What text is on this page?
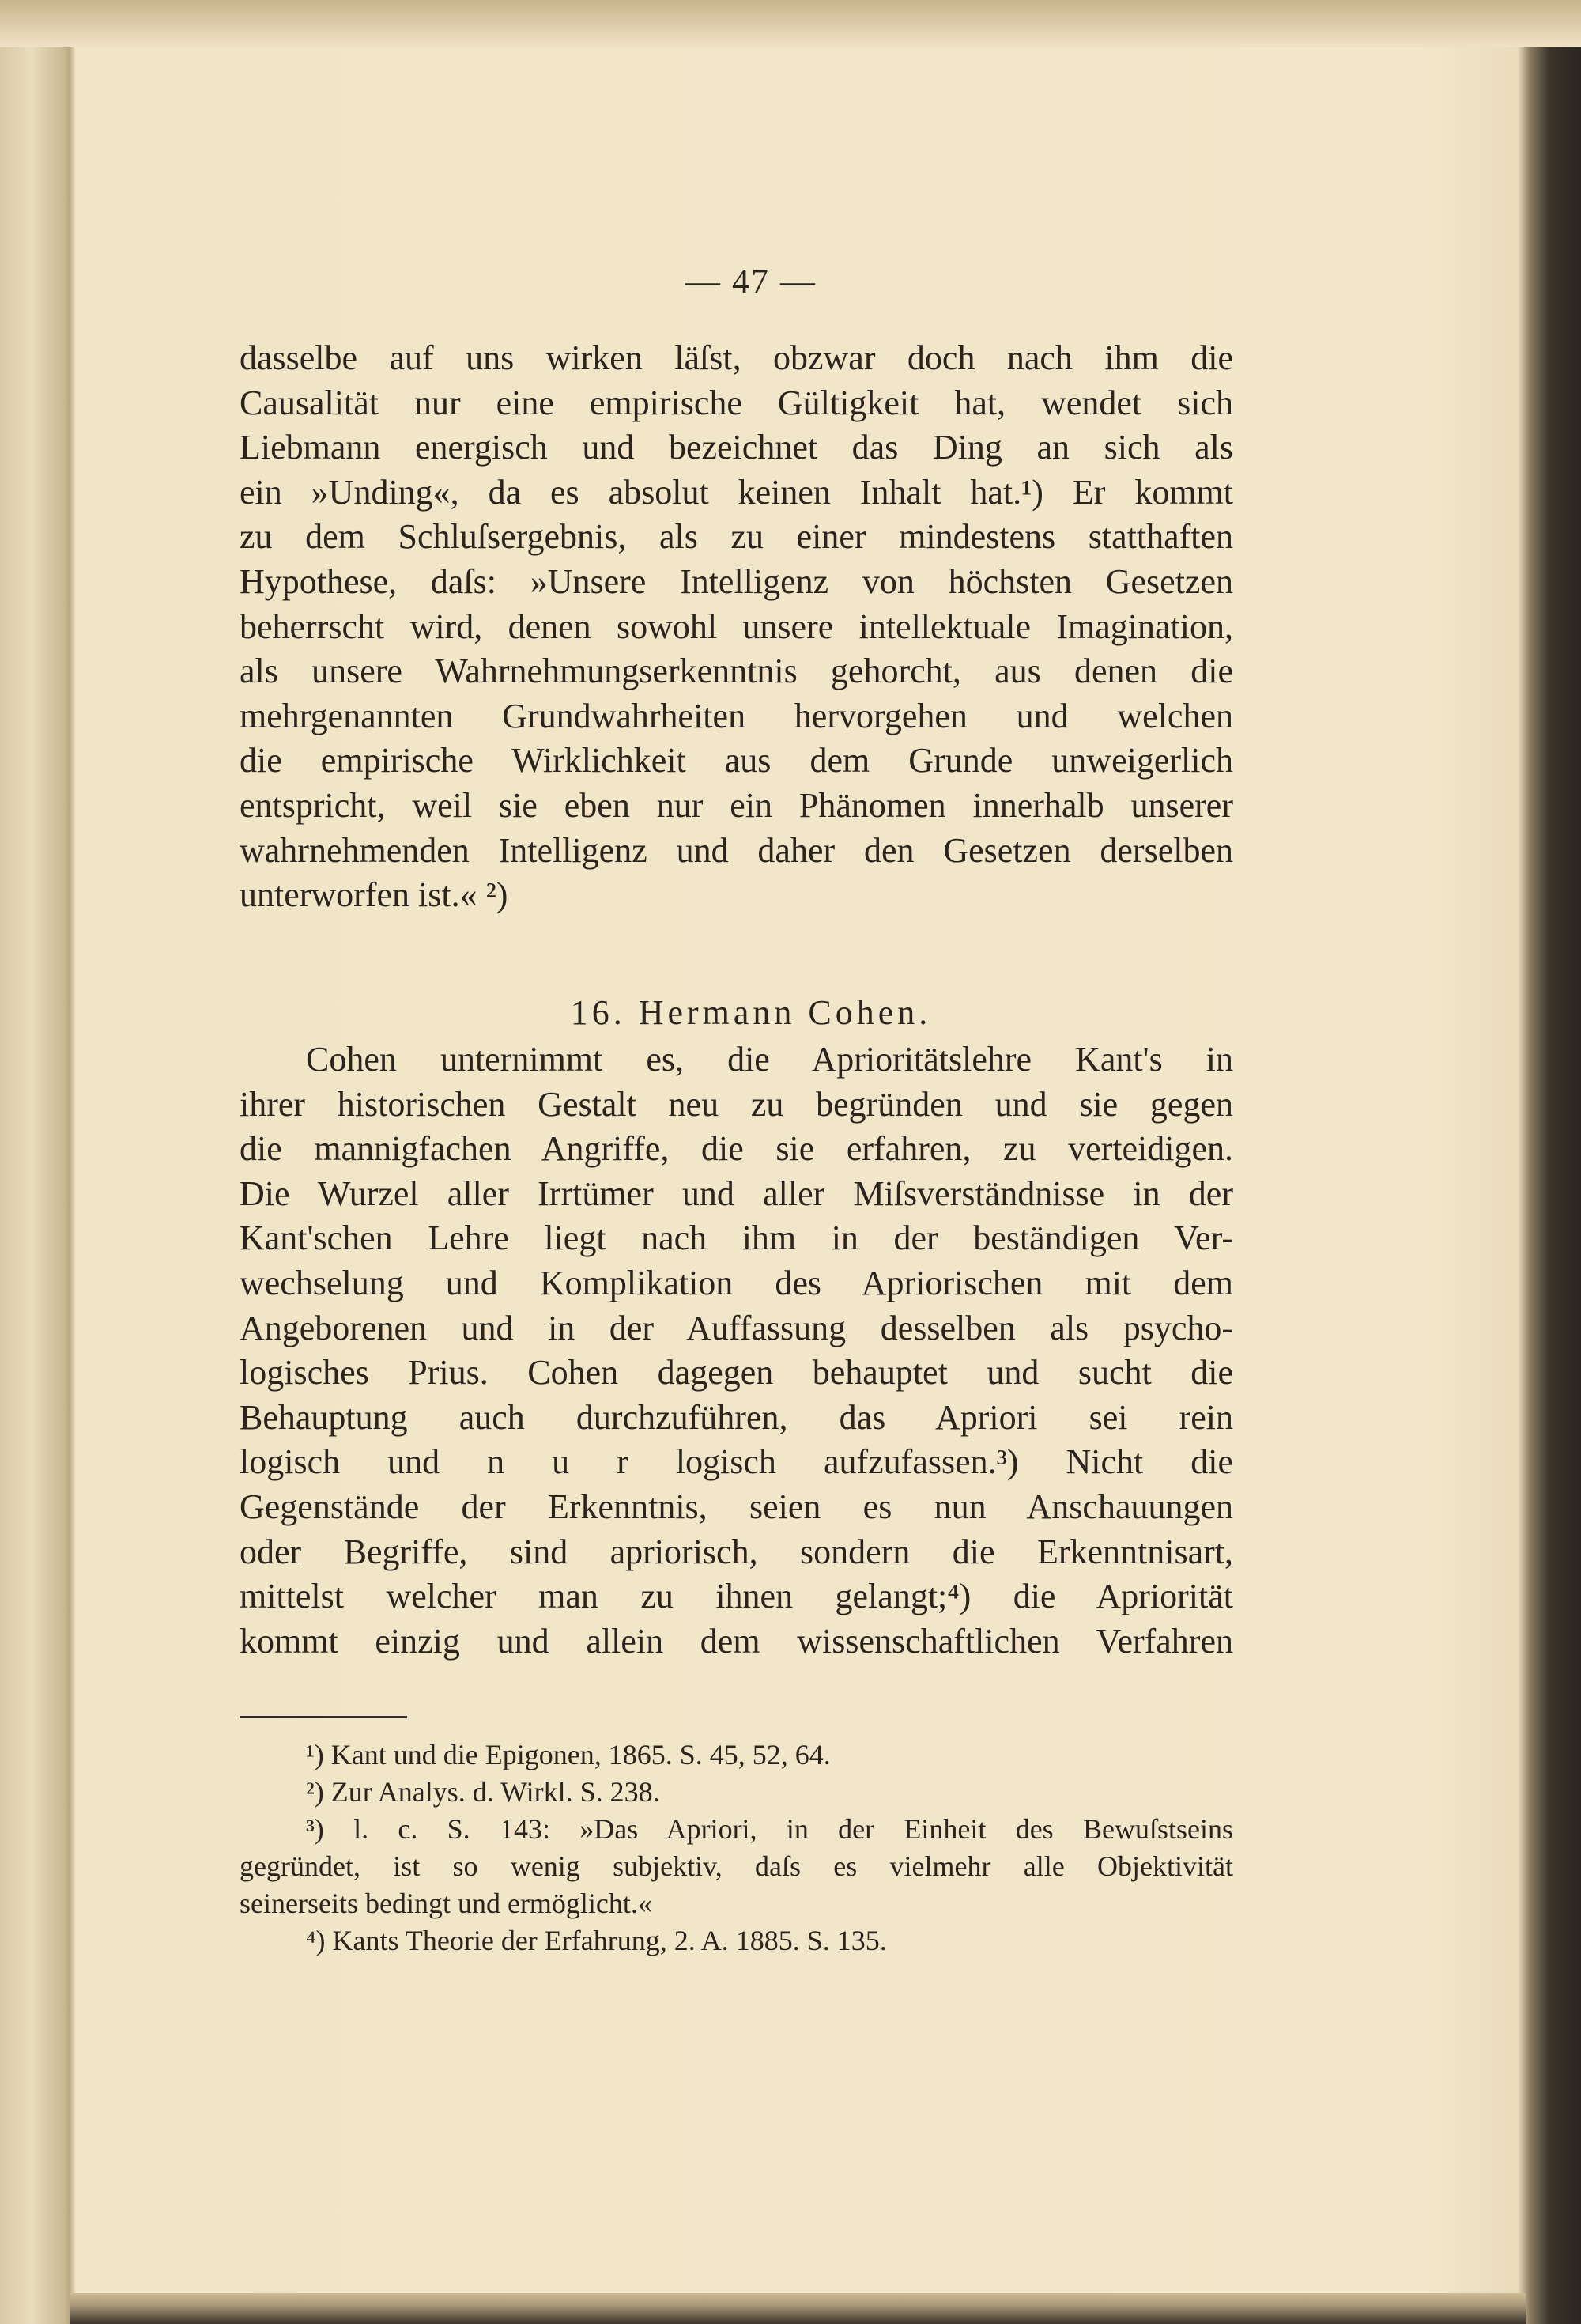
— 47 —
dasselbe auf uns wirken läſst, obzwar doch nach ihm die
Causalität nur eine empirische Gültigkeit hat, wendet sich
Liebmann energisch und bezeichnet das Ding an sich als
ein »Unding«, da es absolut keinen Inhalt hat.¹) Er kommt
zu dem Schluſsergebnis, als zu einer mindestens statthaften
Hypothese, daſs: »Unsere Intelligenz von höchsten Gesetzen
beherrscht wird, denen sowohl unsere intellektuale Imagination,
als unsere Wahrnehmungserkenntnis gehorcht, aus denen die
mehrgenannten Grundwahrheiten hervorgehen und welchen
die empirische Wirklichkeit aus dem Grunde unweigerlich
entspricht, weil sie eben nur ein Phänomen innerhalb unserer
wahrnehmenden Intelligenz und daher den Gesetzen derselben
unterworfen ist.« ²)
16. Hermann Cohen.
Cohen unternimmt es, die Aprioritätslehre Kant's in
ihrer historischen Gestalt neu zu begründen und sie gegen
die mannigfachen Angriffe, die sie erfahren, zu verteidigen.
Die Wurzel aller Irrtümer und aller Miſsverständnisse in der
Kant'schen Lehre liegt nach ihm in der beständigen Ver-
wechselung und Komplikation des Apriorischen mit dem
Angeborenen und in der Auffassung desselben als psycho-
logisches Prius. Cohen dagegen behauptet und sucht die
Behauptung auch durchzuführen, das Apriori sei rein
logisch und n u r logisch aufzufassen.³) Nicht die
Gegenstände der Erkenntnis, seien es nun Anschauungen
oder Begriffe, sind apriorisch, sondern die Erkenntnisart,
mittelst welcher man zu ihnen gelangt;⁴) die Apriorität
kommt einzig und allein dem wissenschaftlichen Verfahren
¹) Kant und die Epigonen, 1865. S. 45, 52, 64.
²) Zur Analys. d. Wirkl. S. 238.
³) l. c. S. 143: »Das Apriori, in der Einheit des Bewuſstseins
gegründet, ist so wenig subjektiv, daſs es vielmehr alle Objektivität
seinerseits bedingt und ermöglicht.«
⁴) Kants Theorie der Erfahrung, 2. A. 1885. S. 135.
